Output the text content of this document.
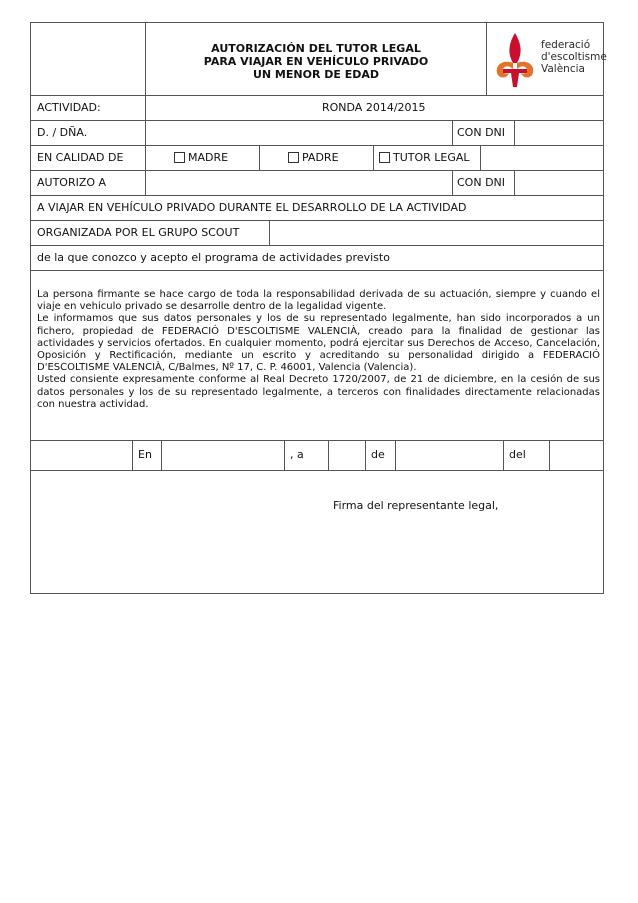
AUTORIZACIÓN DEL TUTOR LEGAL
PARA VIAJAR EN VEHÍCULO PRIVADO
UN MENOR DE EDAD
federació
d'escoltisme
València
ACTIVIDAD:	RONDA 2014/2015
D. / DÑA.	CON DNI
EN CALIDAD DE	MADRE	PADRE	TUTOR LEGAL
AUTORIZO A	CON DNI
A VIAJAR EN VEHÍCULO PRIVADO DURANTE EL DESARROLLO DE LA ACTIVIDAD
ORGANIZADA POR EL GRUPO SCOUT
de la que conozco y acepto el programa de actividades previsto

La persona firmante se hace cargo de toda la responsabilidad derivada de su actuación, siempre y cuando el viaje en vehiculo privado se desarrolle dentro de la legalidad vigente.

Le informamos que sus datos personales y los de su representado legalmente, han sido incorporados a un fichero, propiedad de FEDERACIÓ D'ESCOLTISME VALENCIÀ, creado para la finalidad de gestionar las actividades y servicios ofertados. En cualquier momento, podrá ejercitar sus Derechos de Acceso, Cancelación, Oposición y Rectificación, mediante un escrito y acreditando su personalidad dirigido a FEDERACIÓ D'ESCOLTISME VALENCIÀ, C/Balmes, Nº 17, C. P. 46001, Valencia (Valencia).

Usted consiente expresamente conforme al Real Decreto 1720/2007, de 21 de diciembre, en la cesión de sus datos personales y los de su representado legalmente, a terceros con finalidades directamente relacionadas con nuestra actividad.

En	, a	de	del
Firma del representante legal,
